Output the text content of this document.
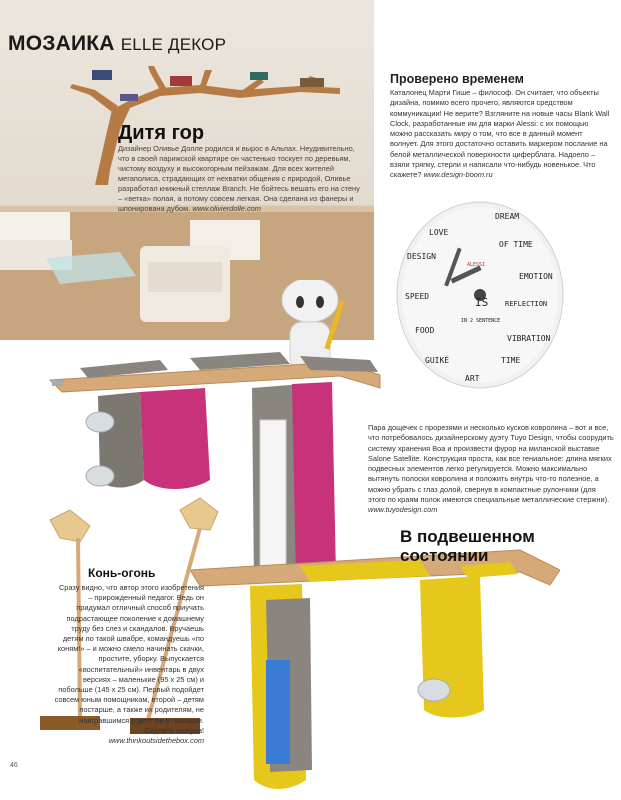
МОЗАИКА ELLE ДЕКОР
Дитя гор
Дизайнер Оливье Долле родился и вырос в Альпах. Неудивительно, что в своей парижской квартире он частенько тоскует по деревьям, чистому воздуху и высокогорным пейзажам. Для всех жителей мегаполиса, страдающих от нехватки общения с природой, Оливье разработал книжный стеллаж Branch. Не бойтесь вешать его на стену – «ветка» полая, а потому совсем легкая. Она сделана из фанеры и шпонирована дубом. www.olivierdolle.com
Проверено временем
Каталонец Марти Гише – философ. Он считает, что объекты дизайна, помимо всего прочего, являются средством коммуникации! Не верите? Взгляните на новые часы Blank Wall Clock, разработанные им для марки Alessi: с их помощью можно рассказать миру о том, что все в данный момент волнует. Для этого достаточно оставить маркером послание на белой металлической поверхности циферблата. Надоело – взяли тряпку, стерли и написали что-нибудь новенькое. Что скажете? www.design-boom.ru
LOVE
DREAM
OF TIME
DESIGN
EMOTION
ALESSI
SPEED	IS REFLECTION
FOOD
IN 2 SENTENCE
VIBRATION
GUIKÉ	TIME
ART
Пара дощечек с прорезями и несколько кусков ковролина – вот и все, что потребовалось дизайнерскому дуэту Tuyo Design, чтобы соорудить систему хранения Boa и произвести фурор на миланской выставке Salone Satellite. Конструкция проста, как все гениальное: длина мягких подвесных элементов легко регулируется. Можно максимально вытянуть полоски ковролина и положить внутрь что-то полезное, а можно убрать с глаз долой, свернув в компактные рулончики (для этого по краям полок имеются специальные металлические стержни). www.tuyodesign.com
В подвешенном
состоянии
Конь-огонь
Сразу видно, что автор этого изобретения – прирожденный педагог. Ведь он придумал отличный способ приучать подрастающее поколение к домашнему труду без слез и скандалов. Вручаешь детям по такой швабре, командуешь «по коням!» – и можно смело начинать скачки, простите, уборку. Выпускается «воспитательный» инвентарь в двух версиях – маленькие (95 x 25 см) и побольше (145 x 25 см). Первый подойдет совсем юным помощникам, второй – детям постарше, а также их родителям, не наигравшимся в детстве в лошадки. Седлать скакуна! www.thinkoutsidethebox.com
46
